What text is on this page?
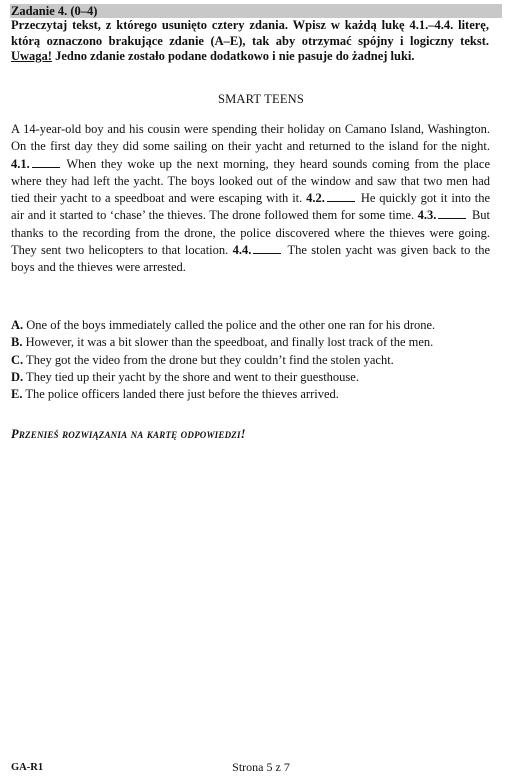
Zadanie 4. (0–4)
Przeczytaj tekst, z którego usunięto cztery zdania. Wpisz w każdą lukę 4.1.–4.4. literę, którą oznaczono brakujące zdanie (A–E), tak aby otrzymać spójny i logiczny tekst. Uwaga! Jedno zdanie zostało podane dodatkowo i nie pasuje do żadnej luki.
SMART TEENS
A 14-year-old boy and his cousin were spending their holiday on Camano Island, Washington. On the first day they did some sailing on their yacht and returned to the island for the night. 4.1.	When they woke up the next morning, they heard sounds coming from the place where they had left the yacht. The boys looked out of the window and saw that two men had tied their yacht to a speedboat and were escaping with it. 4.2.	He quickly got it into the air and it started to ‘chase’ the thieves. The drone followed them for some time. 4.3.	But thanks to the recording from the drone, the police discovered where the thieves were going. They sent two helicopters to that location. 4.4.	The stolen yacht was given back to the boys and the thieves were arrested.
A. One of the boys immediately called the police and the other one ran for his drone.
B. However, it was a bit slower than the speedboat, and finally lost track of the men.
C. They got the video from the drone but they couldn’t find the stolen yacht.
D. They tied up their yacht by the shore and went to their guesthouse.
E. The police officers landed there just before the thieves arrived.
Przenieś rozwiązania na kartę odpowiedzi!
GA-R1	Strona 5 z 7
